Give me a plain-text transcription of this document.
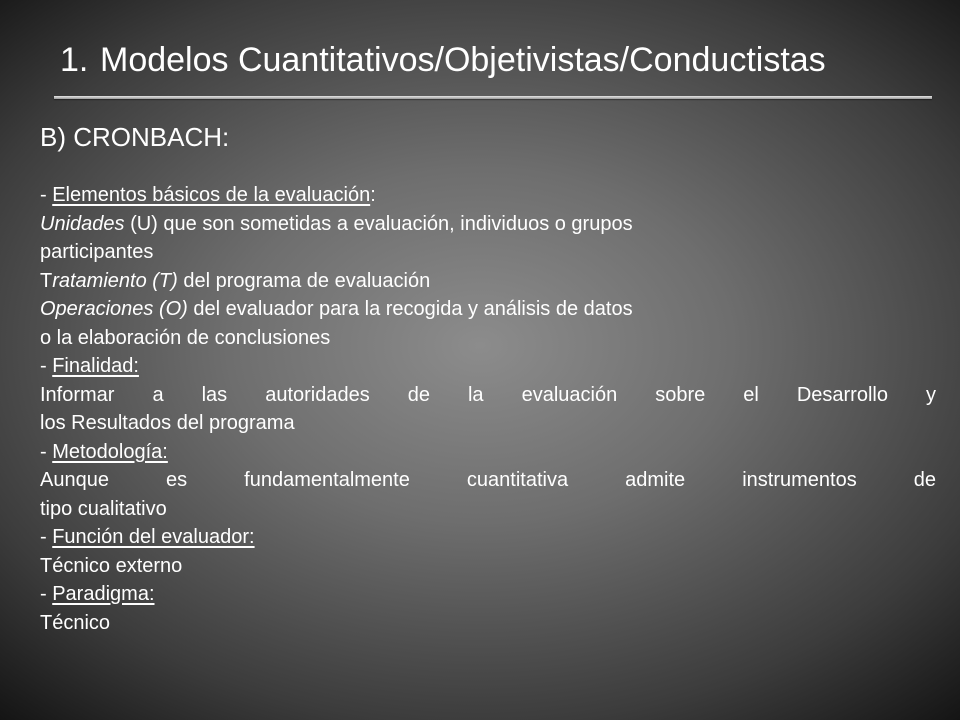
1. Modelos Cuantitativos/Objetivistas/Conductistas
B) CRONBACH:
- Elementos básicos de la evaluación:
Unidades (U) que son sometidas a evaluación, individuos o grupos
participantes
Tratamiento (T) del programa de evaluación
Operaciones (O) del evaluador para la recogida y análisis de datos
o la elaboración de conclusiones
- Finalidad:
Informar a las autoridades de la evaluación sobre el Desarrollo y
los Resultados del programa
- Metodología:
Aunque es fundamentalmente cuantitativa admite instrumentos de
tipo cualitativo
- Función del evaluador:
Técnico externo
- Paradigma:
Técnico
